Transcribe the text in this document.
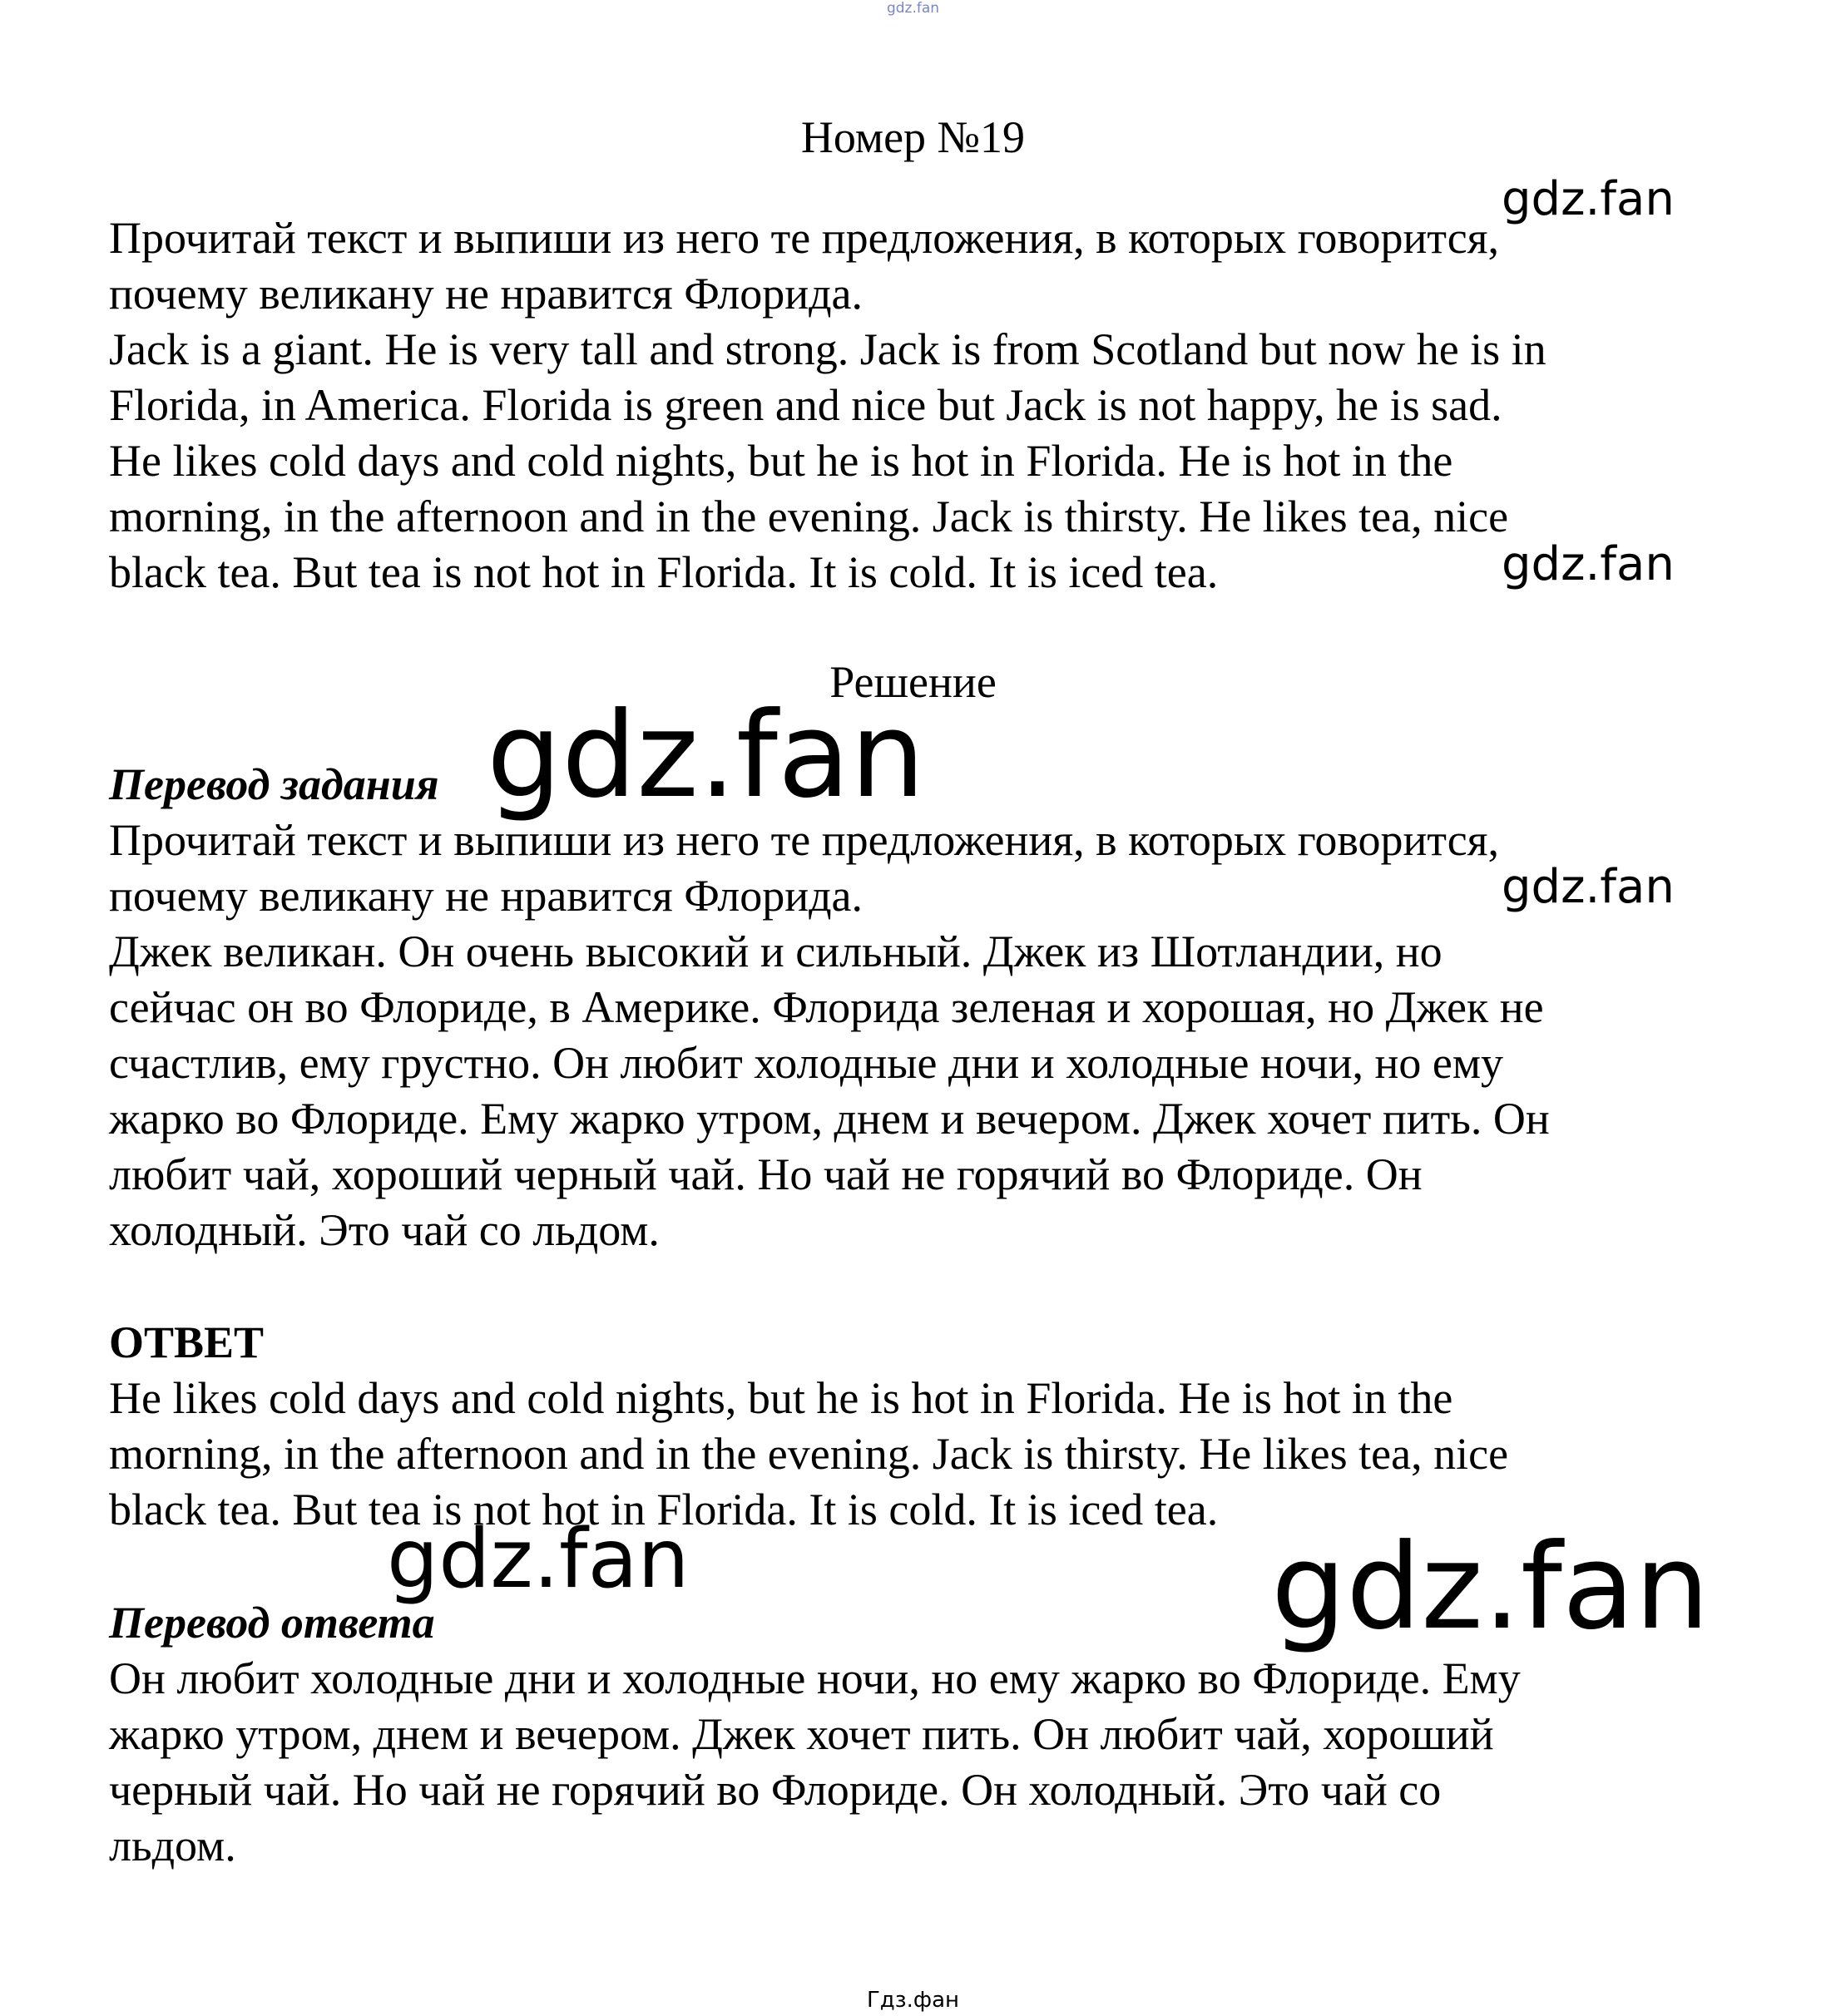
gdz.fan
Номер №19

Прочитай текст и выпиши из него те предложения, в которых говорится,

почему великану не нравится Флорида.

Jack is a giant. He is very tall and strong. Jack is from Scotland but now he is in

Florida, in America. Florida is green and nice but Jack is not happy, he is sad.

He likes cold days and cold nights, but he is hot in Florida. He is hot in the

morning, in the afternoon and in the evening. Jack is thirsty. He likes tea, nice

black tea. But tea is not hot in Florida. It is cold. It is iced tea.

Решение
Перевод задания

Прочитай текст и выпиши из него те предложения, в которых говорится,

почему великану не нравится Флорида.

Джек великан. Он очень высокий и сильный. Джек из Шотландии, но

сейчас он во Флориде, в Америке. Флорида зеленая и хорошая, но Джек не

счастлив, ему грустно. Он любит холодные дни и холодные ночи, но ему

жарко во Флориде. Ему жарко утром, днем и вечером. Джек хочет пить. Он

любит чай, хороший черный чай. Но чай не горячий во Флориде. Он

холодный. Это чай со льдом.

ОТВЕТ

He likes cold days and cold nights, but he is hot in Florida. He is hot in the

morning, in the afternoon and in the evening. Jack is thirsty. He likes tea, nice

black tea. But tea is not hot in Florida. It is cold. It is iced tea.

Перевод ответа

Он любит холодные дни и холодные ночи, но ему жарко во Флориде. Ему

жарко утром, днем и вечером. Джек хочет пить. Он любит чай, хороший

черный чай. Но чай не горячий во Флориде. Он холодный. Это чай со

льдом.

gdz.fan
gdz.fan
gdz.fan
gdz.fan
gdz.fan	gdz.fan
Гдз.фан
